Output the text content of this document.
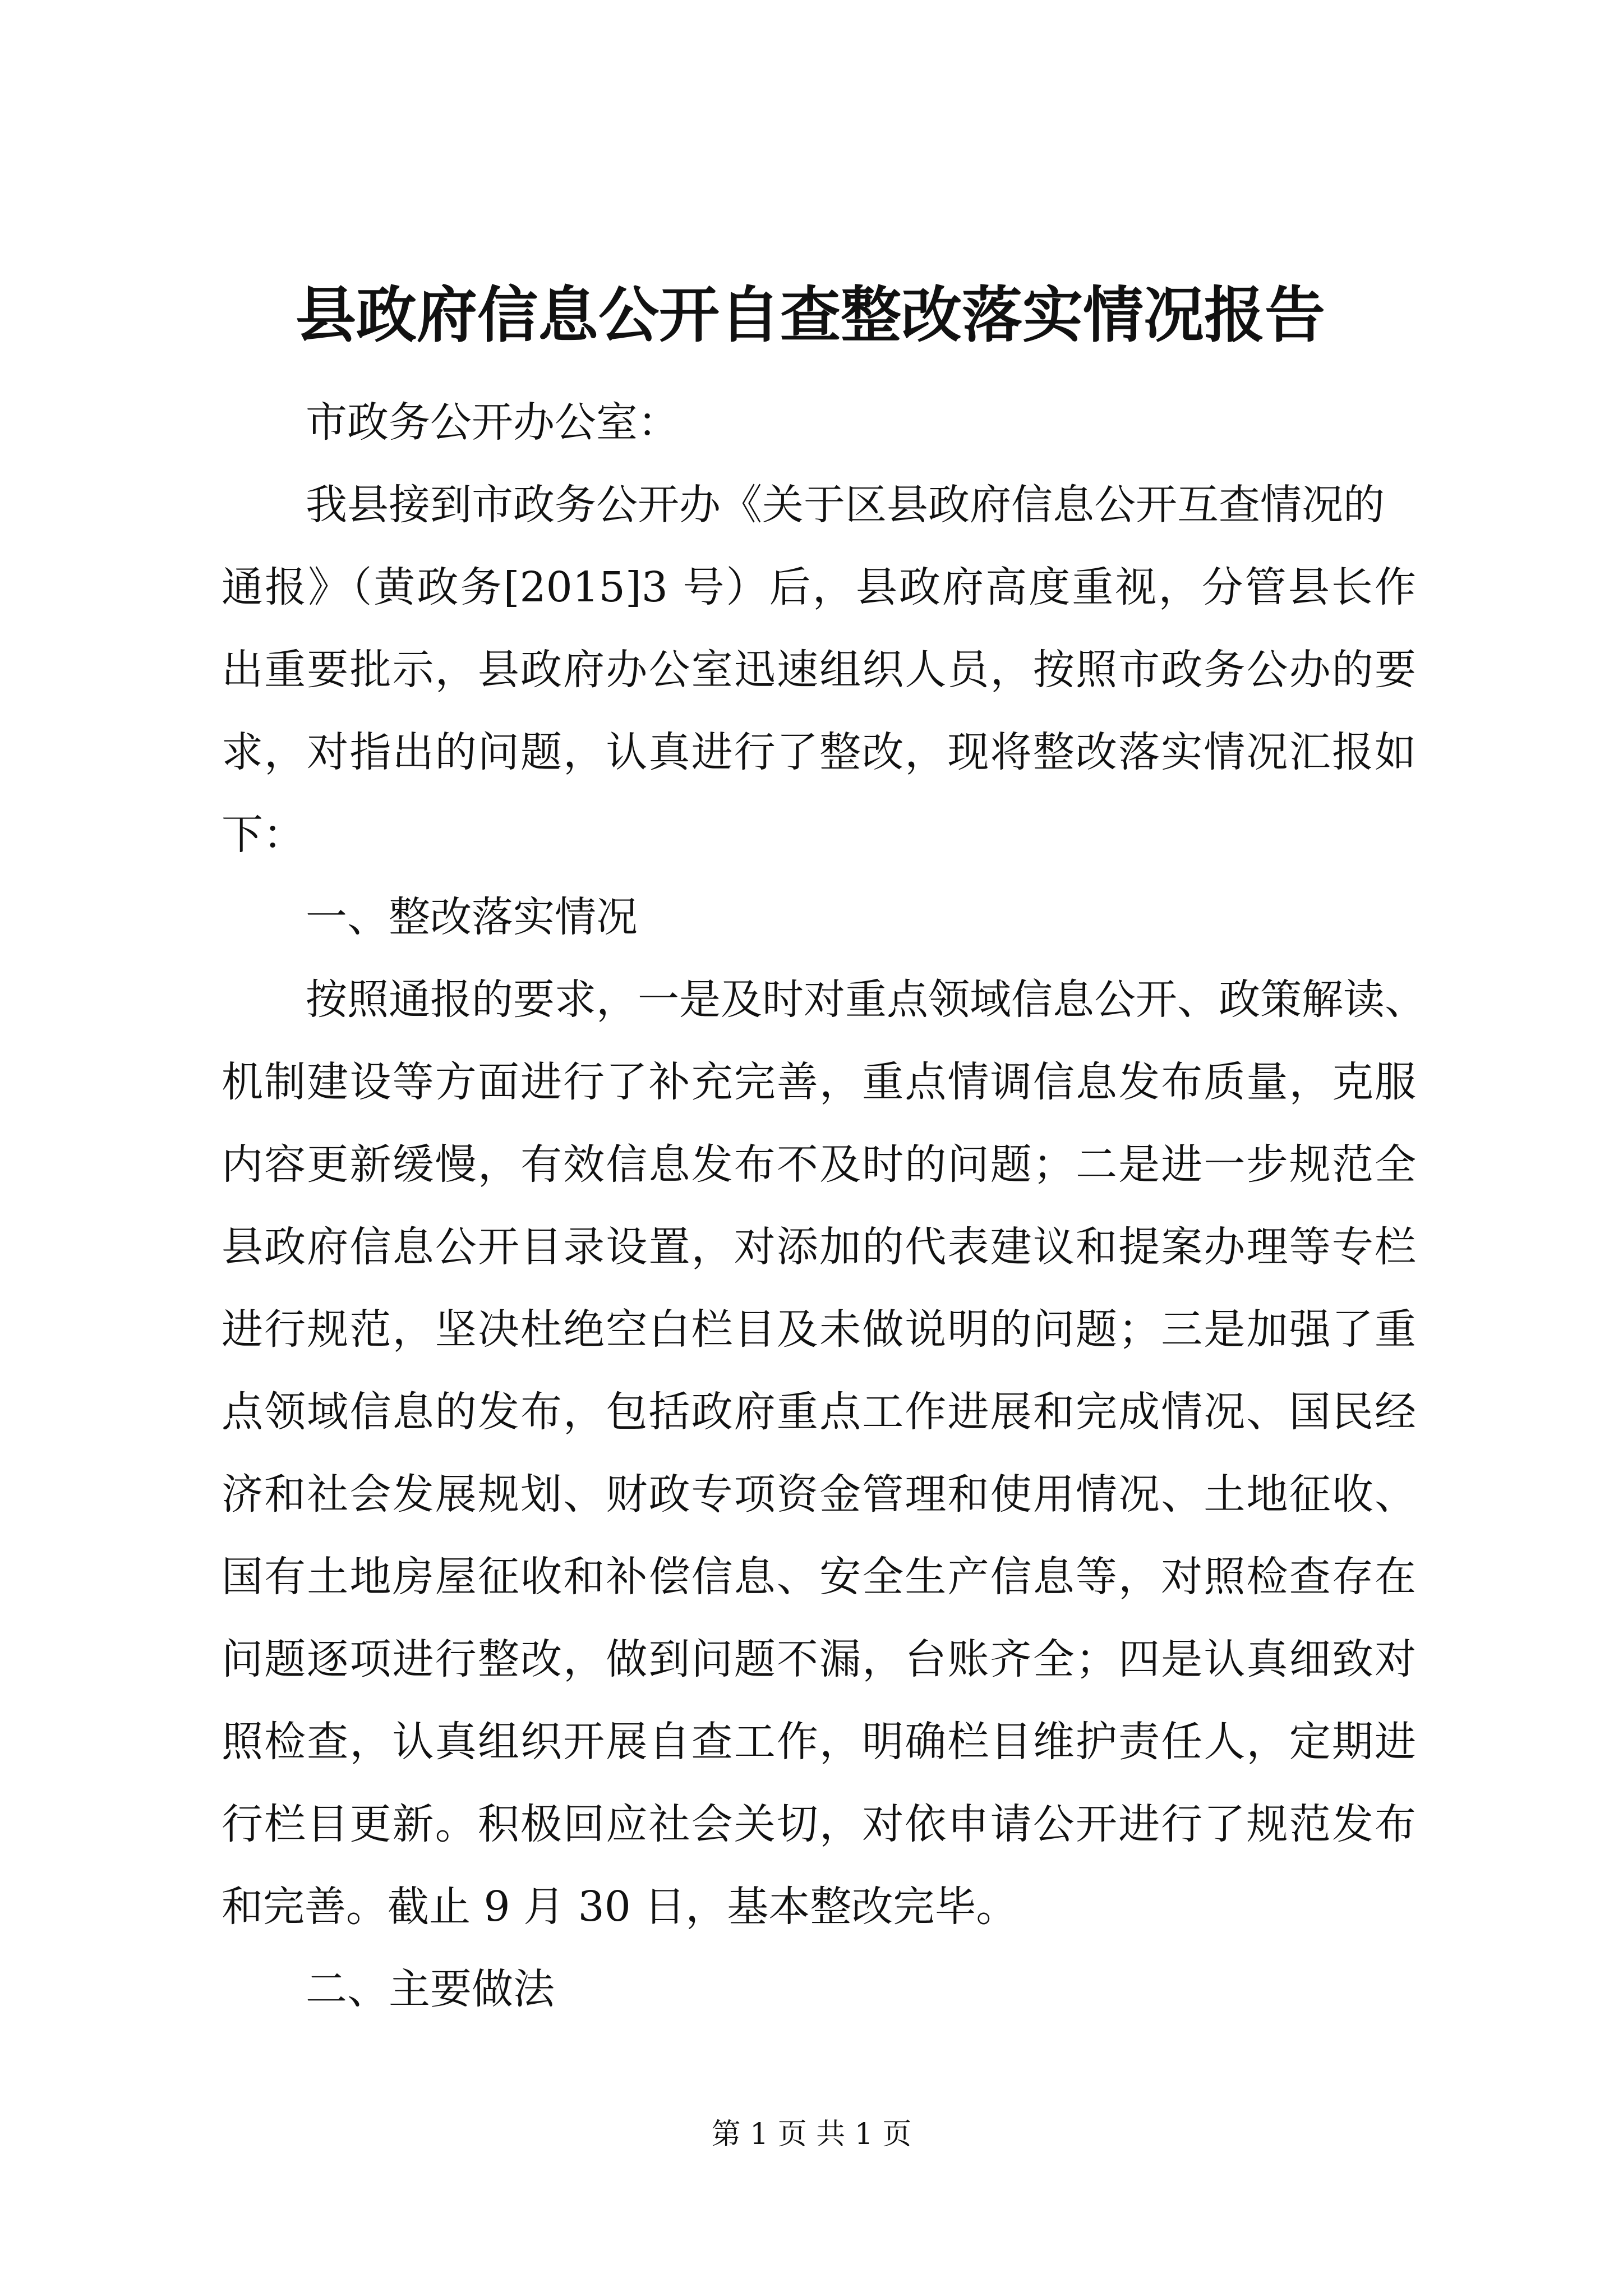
县政府信息公开自查整改落实情况报告
市政务公开办公室：
我县接到市政务公开办《关于区县政府信息公开互查情况的
通报》（黄政务[2015]3 号）后，县政府高度重视，分管县长作
出重要批示，县政府办公室迅速组织人员，按照市政务公办的要
求，对指出的问题，认真进行了整改，现将整改落实情况汇报如
下：
一、整改落实情况
按照通报的要求，一是及时对重点领域信息公开、政策解读、
机制建设等方面进行了补充完善，重点情调信息发布质量，克服
内容更新缓慢，有效信息发布不及时的问题；二是进一步规范全
县政府信息公开目录设置，对添加的代表建议和提案办理等专栏
进行规范，坚决杜绝空白栏目及未做说明的问题；三是加强了重
点领域信息的发布，包括政府重点工作进展和完成情况、国民经
济和社会发展规划、财政专项资金管理和使用情况、土地征收、
国有土地房屋征收和补偿信息、安全生产信息等，对照检查存在
问题逐项进行整改，做到问题不漏，台账齐全；四是认真细致对
照检查，认真组织开展自查工作，明确栏目维护责任人，定期进
行栏目更新。积极回应社会关切，对依申请公开进行了规范发布
和完善。截止 9 月 30 日，基本整改完毕。
二、主要做法
第 1 页 共 1 页
